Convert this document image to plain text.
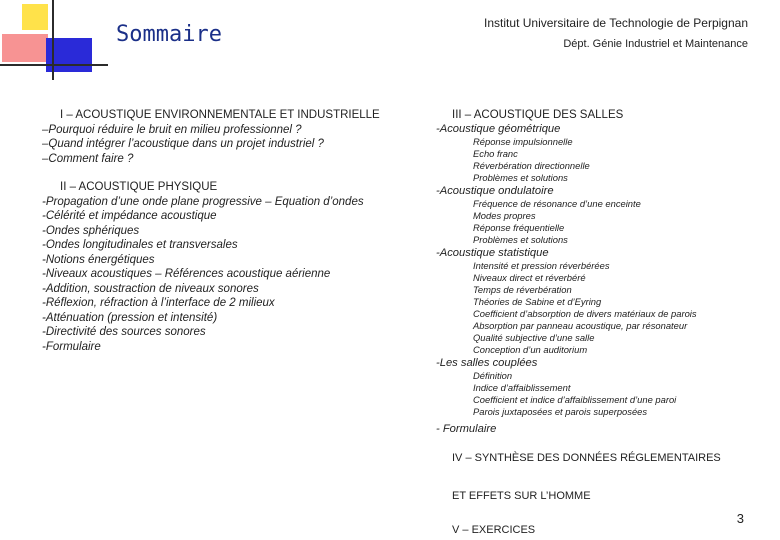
Sommaire	Institut Universitaire de Technologie de Perpignan
Dépt. Génie Industriel et Maintenance
I – ACOUSTIQUE ENVIRONNEMENTALE ET INDUSTRIELLE
–Pourquoi réduire le bruit en milieu professionnel ?
–Quand intégrer l’acoustique dans un projet industriel ?
–Comment faire ?
II – ACOUSTIQUE PHYSIQUE
-Propagation d’une onde plane progressive – Equation d’ondes
-Célérité et impédance acoustique
-Ondes sphériques
-Ondes longitudinales et transversales
-Notions énergétiques
-Niveaux acoustiques – Références acoustique aérienne
-Addition, soustraction de niveaux sonores
-Réflexion, réfraction à l’interface de 2 milieux
-Atténuation (pression et intensité)
-Directivité des sources sonores
-Formulaire
III – ACOUSTIQUE DES SALLES
-Acoustique géométrique
Réponse impulsionnelle
Echo franc
Réverbération directionnelle
Problèmes et solutions
-Acoustique ondulatoire
Fréquence de résonance d’une enceinte
Modes propres
Réponse fréquentielle
Problèmes et solutions
-Acoustique statistique
Intensité et pression réverbérées
Niveaux direct et réverbéré
Temps de réverbération
Théories de Sabine et d’Eyring
Coefficient d’absorption de divers matériaux de parois
Absorption par panneau acoustique, par résonateur
Qualité subjective d’une salle
Conception d’un auditorium
-Les salles couplées
Définition
Indice d’affaiblissement
Coefficient et indice d’affaiblissement d’une paroi
Parois juxtaposées et parois superposées
- Formulaire
IV – SYNTHÈSE DES DONNÉES RÉGLEMENTAIRES
ET EFFETS SUR L’HOMME
V – EXERCICES
3
